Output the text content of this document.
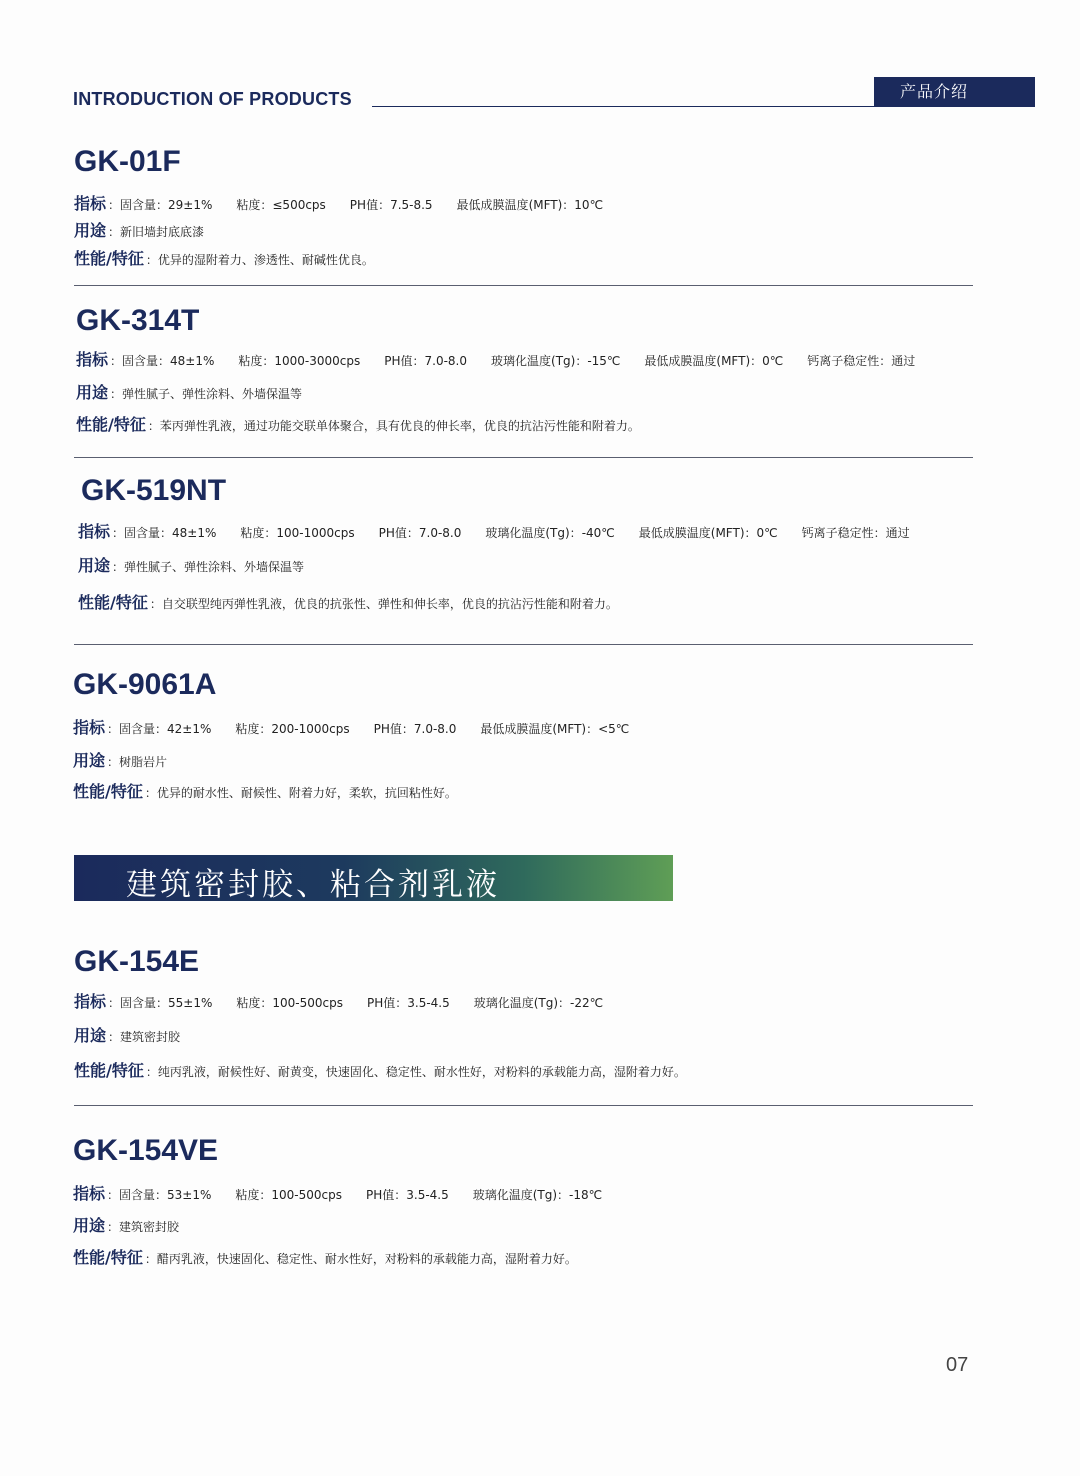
INTRODUCTION OF PRODUCTS	产品介绍
GK-01F
指标 ：固含量：29±1%　　粘度：≤500cps　　PH值：7.5-8.5　　最低成膜温度(MFT)：10℃
用途 ：新旧墙封底底漆
性能/特征 ：优异的湿附着力、渗透性、耐碱性优良。
GK-314T
指标 ：固含量：48±1%　　粘度：1000-3000cps　　PH值：7.0-8.0　　玻璃化温度(Tg)：-15℃　　最低成膜温度(MFT)：0℃　　钙离子稳定性：通过
用途 ：弹性腻子、弹性涂料、外墙保温等
性能/特征 ：苯丙弹性乳液，通过功能交联单体聚合，具有优良的伸长率，优良的抗沾污性能和附着力。
GK-519NT
指标 ：固含量：48±1%　　粘度：100-1000cps　　PH值：7.0-8.0　　玻璃化温度(Tg)：-40℃　　最低成膜温度(MFT)：0℃　　钙离子稳定性：通过
用途 ：弹性腻子、弹性涂料、外墙保温等
性能/特征 ：自交联型纯丙弹性乳液，优良的抗张性、弹性和伸长率，优良的抗沾污性能和附着力。
GK-9061A
指标 ：固含量：42±1%　　粘度：200-1000cps　　PH值：7.0-8.0　　最低成膜温度(MFT)：<5℃
用途 ：树脂岩片
性能/特征 ：优异的耐水性、耐候性、附着力好，柔软，抗回粘性好。
建筑密封胶、粘合剂乳液
GK-154E
指标 ：固含量：55±1%　　粘度：100-500cps　　PH值：3.5-4.5　　玻璃化温度(Tg)：-22℃
用途 ：建筑密封胶
性能/特征 ：纯丙乳液，耐候性好、耐黄变，快速固化、稳定性、耐水性好，对粉料的承载能力高，湿附着力好。
GK-154VE
指标 ：固含量：53±1%　　粘度：100-500cps　　PH值：3.5-4.5　　玻璃化温度(Tg)：-18℃
用途 ：建筑密封胶
性能/特征 ：醋丙乳液，快速固化、稳定性、耐水性好，对粉料的承载能力高，湿附着力好。
07
